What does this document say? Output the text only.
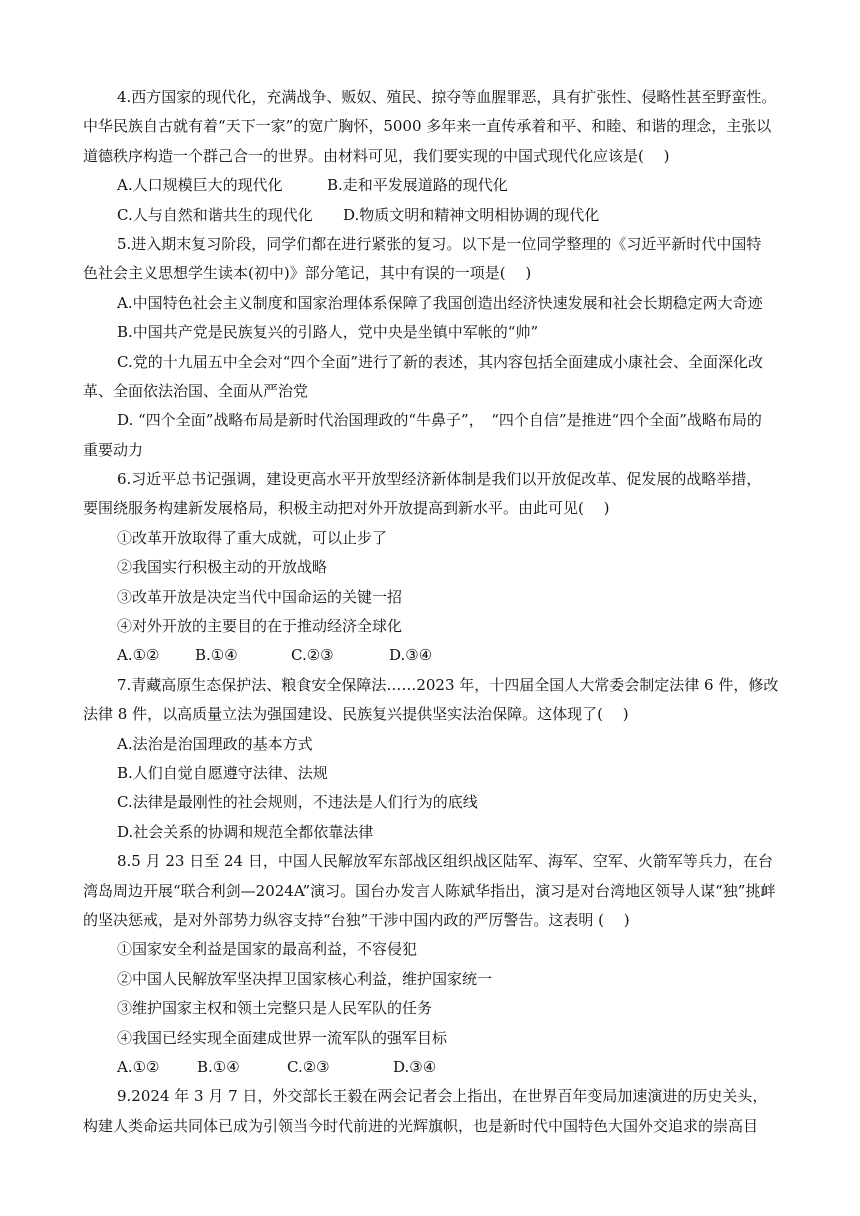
4.西方国家的现代化，充满战争、贩奴、殖民、掠夺等血腥罪恶，具有扩张性、侵略性甚至野蛮性。
中华民族自古就有着“天下一家”的宽广胸怀，5000 多年来一直传承着和平、和睦、和谐的理念，主张以
道德秩序构造一个群己合一的世界。由材料可见，我们要实现的中国式现代化应该是(　 )
A.人口规模巨大的现代化	B.走和平发展道路的现代化
C.人与自然和谐共生的现代化 D.物质文明和精神文明相协调的现代化
5.进入期末复习阶段，同学们都在进行紧张的复习。以下是一位同学整理的《习近平新时代中国特
色社会主义思想学生读本(初中)》部分笔记，其中有误的一项是(　 )
A.中国特色社会主义制度和国家治理体系保障了我国创造出经济快速发展和社会长期稳定两大奇迹
B.中国共产党是民族复兴的引路人，党中央是坐镇中军帐的“帅”
C.党的十九届五中全会对“四个全面”进行了新的表述，其内容包括全面建成小康社会、全面深化改
革、全面依法治国、全面从严治党
D. “四个全面”战略布局是新时代治国理政的“牛鼻子”，　“四个自信”是推进“四个全面”战略布局的
重要动力
6.习近平总书记强调，建设更高水平开放型经济新体制是我们以开放促改革、促发展的战略举措，
要围绕服务构建新发展格局，积极主动把对外开放提高到新水平。由此可见(　 )
①改革开放取得了重大成就，可以止步了
②我国实行积极主动的开放战略
③改革开放是决定当代中国命运的关键一招
④对外开放的主要目的在于推动经济全球化
A.①② B.①④	C.②③	D.③④
7.青藏高原生态保护法、粮食安全保障法……2023 年，十四届全国人大常委会制定法律 6 件，修改
法律 8 件，以高质量立法为强国建设、民族复兴提供坚实法治保障。这体现了(　 )
A.法治是治国理政的基本方式
B.人们自觉自愿遵守法律、法规
C.法律是最刚性的社会规则，不违法是人们行为的底线
D.社会关系的协调和规范全都依靠法律
8.5 月 23 日至 24 日，中国人民解放军东部战区组织战区陆军、海军、空军、火箭军等兵力，在台
湾岛周边开展“联合利剑—2024A”演习。国台办发言人陈斌华指出，演习是对台湾地区领导人谋“独”挑衅
的坚决惩戒，是对外部势力纵容支持“台独”干涉中国内政的严厉警告。这表明 (　 )
①国家安全利益是国家的最高利益，不容侵犯
②中国人民解放军坚决捍卫国家核心利益，维护国家统一
③维护国家主权和领土完整只是人民军队的任务
④我国已经实现全面建成世界一流军队的强军目标
A.①②	B.①④	C.②③	D.③④
9.2024 年 3 月 7 日，外交部长王毅在两会记者会上指出，在世界百年变局加速演进的历史关头，
构建人类命运共同体已成为引领当今时代前进的光辉旗帜，也是新时代中国特色大国外交追求的崇高目
